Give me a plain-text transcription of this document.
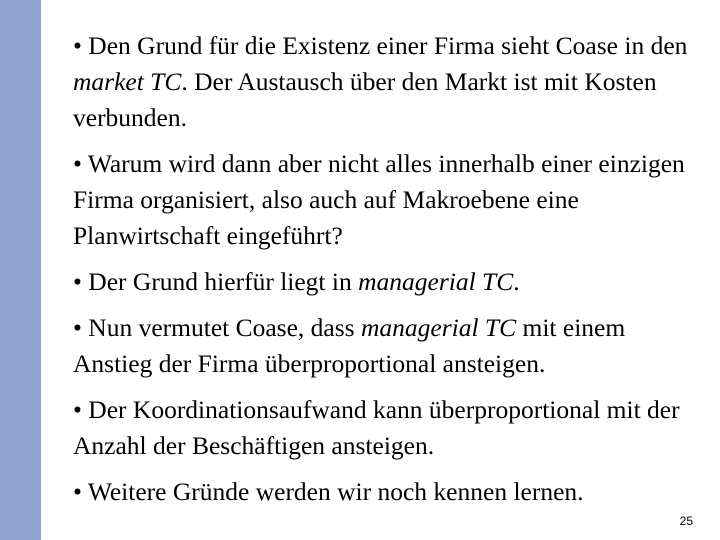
• Den Grund für die Existenz einer Firma sieht Coase in den market TC. Der Austausch über den Markt ist mit Kosten verbunden.

• Warum wird dann aber nicht alles innerhalb einer einzigen Firma organisiert, also auch auf Makroebene eine Planwirtschaft eingeführt?

• Der Grund hierfür liegt in managerial TC.

• Nun vermutet Coase, dass managerial TC mit einem Anstieg der Firma überproportional ansteigen.

• Der Koordinationsaufwand kann überproportional mit der Anzahl der Beschäftigen ansteigen.

• Weitere Gründe werden wir noch kennen lernen.

25
